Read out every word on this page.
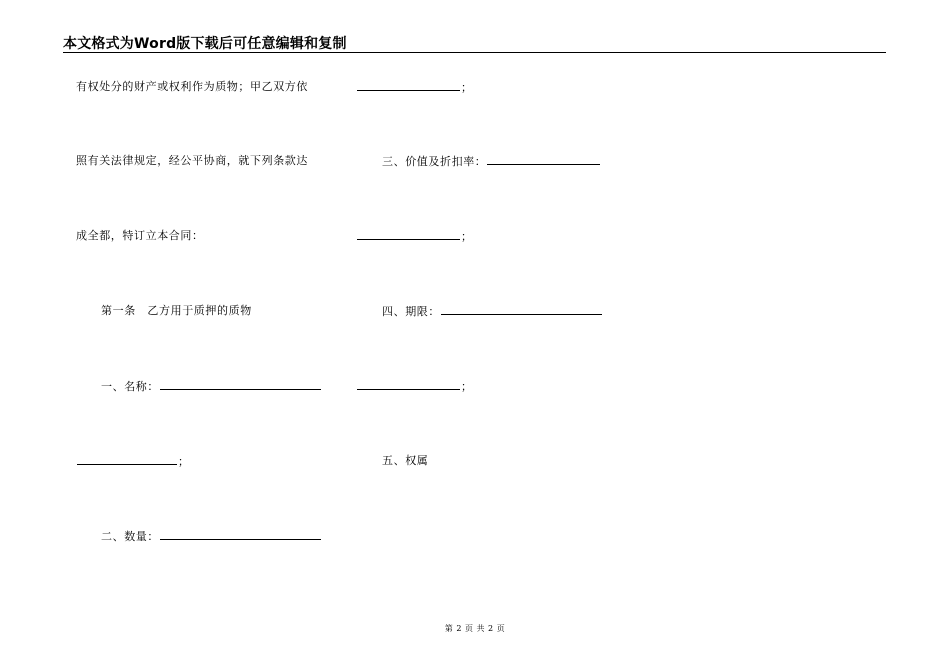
本文格式为Word版下载后可任意编辑和复制
有权处分的财产或权利作为质物；甲乙双方依
照有关法律规定，经公平协商，就下列条款达
成全都，特订立本合同：
第一条　乙方用于质押的质物
一、名称：
；
二、数量：
；
三、价值及折扣率：
；
四、期限：
；
五、权属
第 2 页 共 2 页
